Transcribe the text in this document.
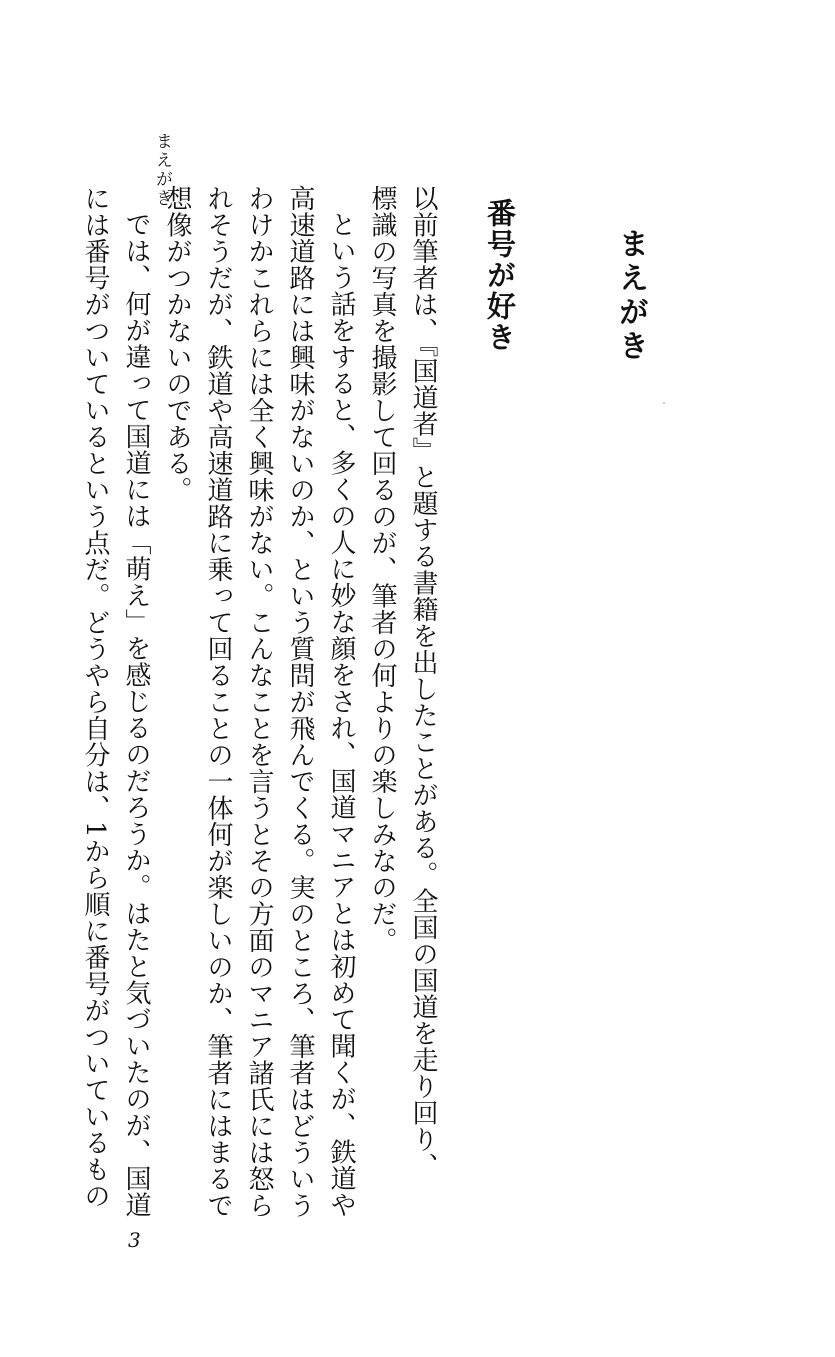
まえがき
まえがき
番号が好き

以前筆者は、『国道者』と題する書籍を出したことがある。全国の国道を走り回り、

標識の写真を撮影して回るのが、筆者の何よりの楽しみなのだ。

という話をすると、多くの人に妙な顔をされ、国道マニアとは初めて聞くが、鉄道や

高速道路には興味がないのか、という質問が飛んでくる。実のところ、筆者はどういう

わけかこれらには全く興味がない。こんなことを言うとその方面のマニア諸氏には怒ら

れそうだが、鉄道や高速道路に乗って回ることの一体何が楽しいのか、筆者にはまるで

想像がつかないのである。

では、何が違って国道には「萌え」を感じるのだろうか。はたと気づいたのが、国道

には番号がついているという点だ。どうやら自分は、1から順に番号がついているもの

3
